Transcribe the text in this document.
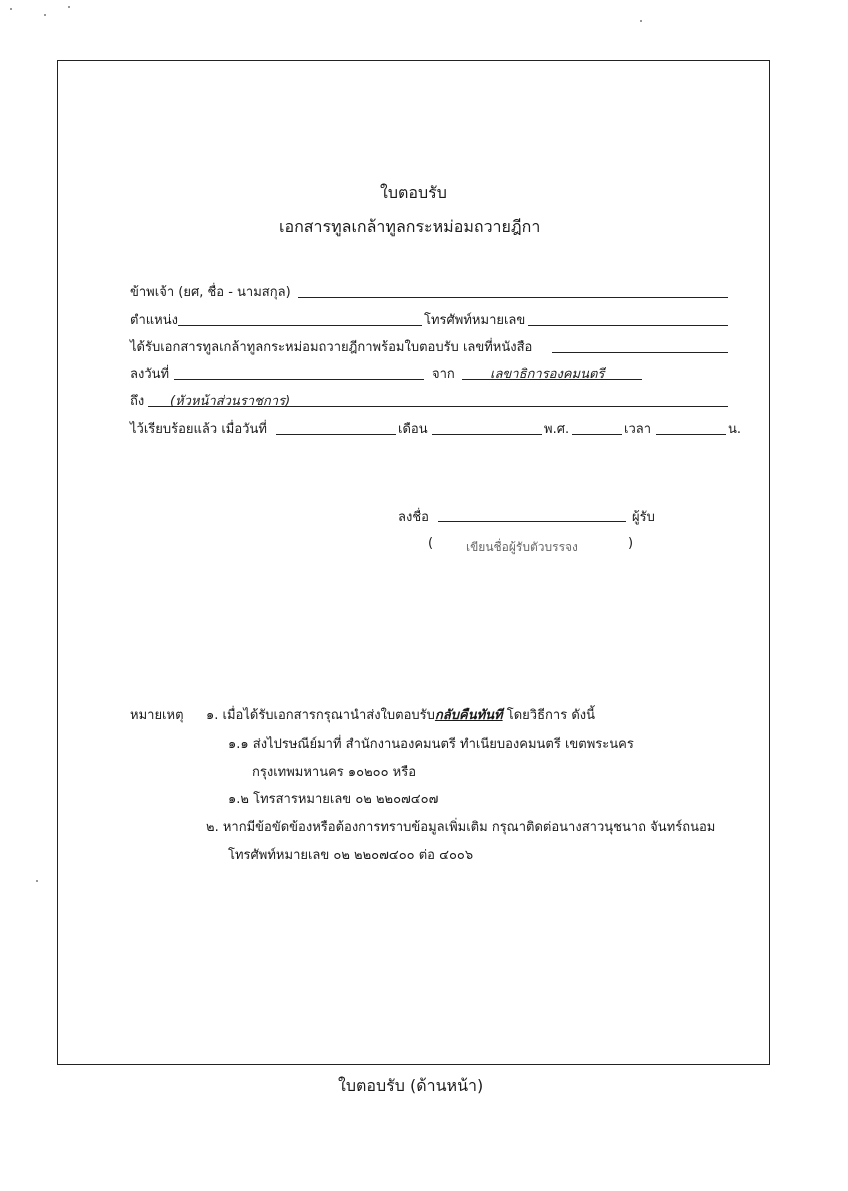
ใบตอบรับ
เอกสารทูลเกล้าทูลกระหม่อมถวายฎีกา
ข้าพเจ้า (ยศ, ชื่อ - นามสกุล)
ตำแหน่ง	โทรศัพท์หมายเลข
ได้รับเอกสารทูลเกล้าทูลกระหม่อมถวายฎีกาพร้อมใบตอบรับ เลขที่หนังสือ
ลงวันที่	จาก	เลขาธิการองคมนตรี
ถึง (หัวหน้าส่วนราชการ)
ไว้เรียบร้อยแล้ว เมื่อวันที่	เดือน	พ.ศ.	เวลา	น.
ลงชื่อ	ผู้รับ
(	เขียนชื่อผู้รับตัวบรรจง	)
หมายเหตุ ๑. เมื่อได้รับเอกสารกรุณานำส่งใบตอบรับกลับคืนทันที โดยวิธีการ ดังนี้
๑.๑ ส่งไปรษณีย์มาที่ สำนักงานองคมนตรี ทำเนียบองคมนตรี เขตพระนคร
กรุงเทพมหานคร ๑๐๒๐๐ หรือ
๑.๒ โทรสารหมายเลข ๐๒ ๒๒๐๗๔๐๗
๒. หากมีข้อขัดข้องหรือต้องการทราบข้อมูลเพิ่มเติม กรุณาติดต่อนางสาวนุชนาถ จันทร์ถนอม
โทรศัพท์หมายเลข ๐๒ ๒๒๐๗๔๐๐ ต่อ ๔๐๐๖
ใบตอบรับ (ด้านหน้า)
